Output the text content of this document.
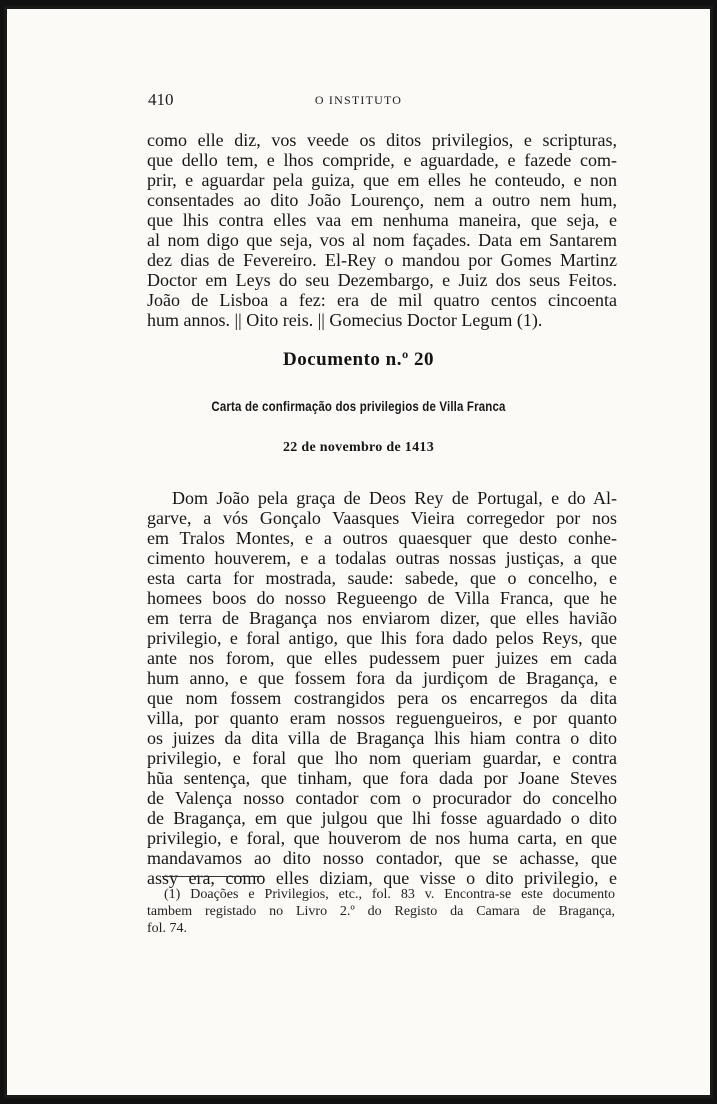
410	O INSTITUTO
como elle diz, vos veede os ditos privilegios, e scripturas,
que dello tem, e lhos compride, e aguardade, e fazede com-
prir, e aguardar pela guiza, que em elles he conteudo, e non
consentades ao dito João Lourenço, nem a outro nem hum,
que lhis contra elles vaa em nenhuma maneira, que seja, e
al nom digo que seja, vos al nom façades. Data em Santarem
dez dias de Fevereiro. El-Rey o mandou por Gomes Martinz
Doctor em Leys do seu Dezembargo, e Juiz dos seus Feitos.
João de Lisboa a fez: era de mil quatro centos cincoenta
hum annos. || Oito reis. || Gomecius Doctor Legum (1).
Documento n.º 20
Carta de confirmação dos privilegios de Villa Franca
22 de novembro de 1413
Dom João pela graça de Deos Rey de Portugal, e do Al-
garve, a vós Gonçalo Vaasques Vieira corregedor por nos
em Tralos Montes, e a outros quaesquer que desto conhe-
cimento houverem, e a todalas outras nossas justiças, a que
esta carta for mostrada, saude: sabede, que o concelho, e
homees boos do nosso Regueengo de Villa Franca, que he
em terra de Bragança nos enviarom dizer, que elles havião
privilegio, e foral antigo, que lhis fora dado pelos Reys, que
ante nos forom, que elles pudessem puer juizes em cada
hum anno, e que fossem fora da jurdiçom de Bragança, e
que nom fossem costrangidos pera os encarregos da dita
villa, por quanto eram nossos reguengueiros, e por quanto
os juizes da dita villa de Bragança lhis hiam contra o dito
privilegio, e foral que lho nom queriam guardar, e contra
hũa sentença, que tinham, que fora dada por Joane Steves
de Valença nosso contador com o procurador do concelho
de Bragança, em que julgou que lhi fosse aguardado o dito
privilegio, e foral, que houverom de nos huma carta, en que
mandavamos ao dito nosso contador, que se achasse, que
assy era, como elles diziam, que visse o dito privilegio, e
(1) Doações e Privilegios, etc., fol. 83 v. Encontra-se este documento
tambem registado no Livro 2.º do Registo da Camara de Bragança,
fol. 74.
